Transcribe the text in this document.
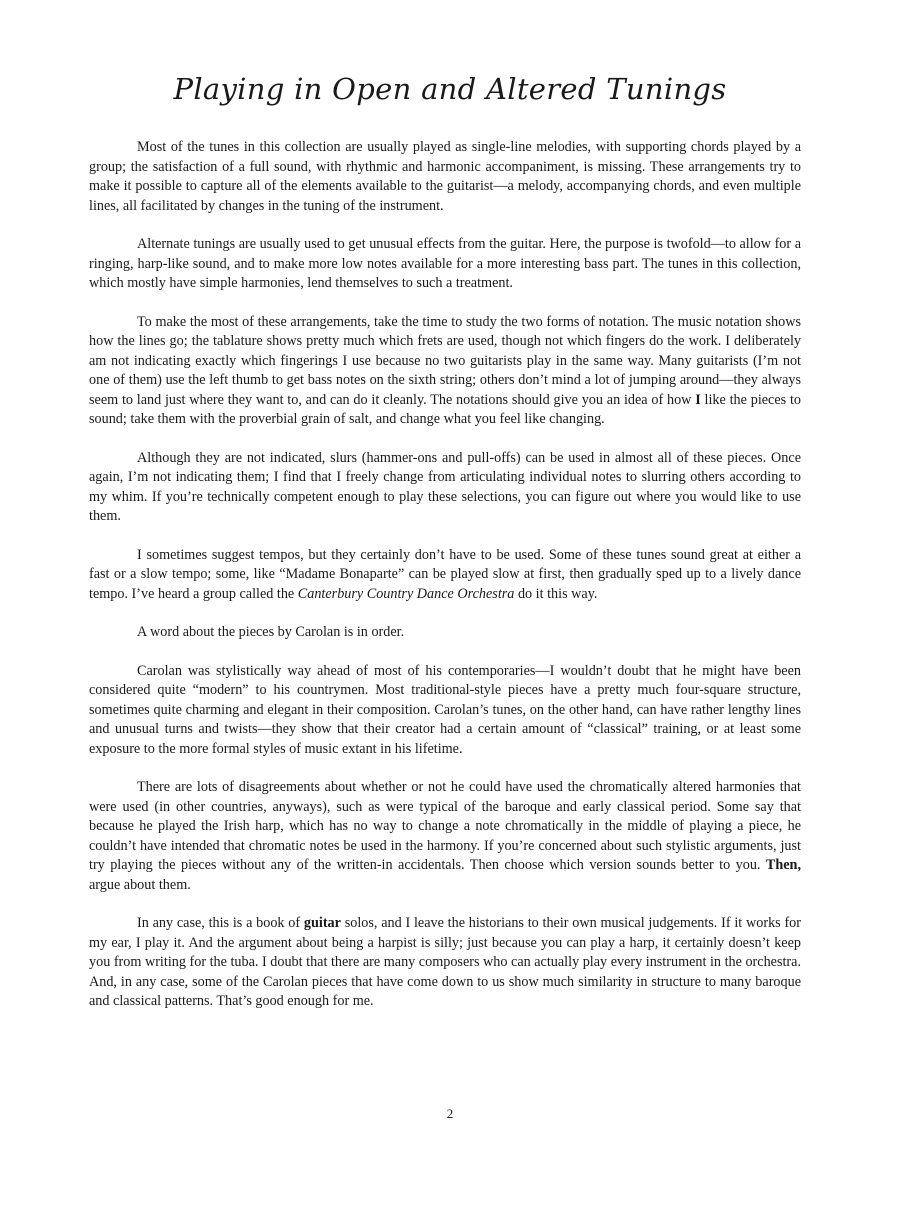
Playing in Open and Altered Tunings

Most of the tunes in this collection are usually played as single-line melodies, with supporting chords played by a group; the satisfaction of a full sound, with rhythmic and harmonic accompaniment, is missing. These arrangements try to make it possible to capture all of the elements available to the guitarist—a melody, accompanying chords, and even multiple lines, all facilitated by changes in the tuning of the instrument.

Alternate tunings are usually used to get unusual effects from the guitar. Here, the purpose is twofold—to allow for a ringing, harp-like sound, and to make more low notes available for a more interesting bass part. The tunes in this collection, which mostly have simple harmonies, lend themselves to such a treatment.

To make the most of these arrangements, take the time to study the two forms of notation. The music notation shows how the lines go; the tablature shows pretty much which frets are used, though not which fingers do the work. I deliberately am not indicating exactly which fingerings I use because no two guitarists play in the same way. Many guitarists (I’m not one of them) use the left thumb to get bass notes on the sixth string; others don’t mind a lot of jumping around—they always seem to land just where they want to, and can do it cleanly. The notations should give you an idea of how I like the pieces to sound; take them with the proverbial grain of salt, and change what you feel like changing.

Although they are not indicated, slurs (hammer-ons and pull-offs) can be used in almost all of these pieces. Once again, I’m not indicating them; I find that I freely change from articulating individual notes to slurring others according to my whim. If you’re technically competent enough to play these selections, you can figure out where you would like to use them.

I sometimes suggest tempos, but they certainly don’t have to be used. Some of these tunes sound great at either a fast or a slow tempo; some, like “Madame Bonaparte” can be played slow at first, then gradually sped up to a lively dance tempo. I’ve heard a group called the Canterbury Country Dance Orchestra do it this way.

A word about the pieces by Carolan is in order.

Carolan was stylistically way ahead of most of his contemporaries—I wouldn’t doubt that he might have been considered quite “modern” to his countrymen. Most traditional-style pieces have a pretty much four-square structure, sometimes quite charming and elegant in their composition. Carolan’s tunes, on the other hand, can have rather lengthy lines and unusual turns and twists—they show that their creator had a certain amount of “classical” training, or at least some exposure to the more formal styles of music extant in his lifetime.

There are lots of disagreements about whether or not he could have used the chromatically altered harmonies that were used (in other countries, anyways), such as were typical of the baroque and early classical period. Some say that because he played the Irish harp, which has no way to change a note chromatically in the middle of playing a piece, he couldn’t have intended that chromatic notes be used in the harmony. If you’re concerned about such stylistic arguments, just try playing the pieces without any of the written-in accidentals. Then choose which version sounds better to you. Then, argue about them.

In any case, this is a book of guitar solos, and I leave the historians to their own musical judgements. If it works for my ear, I play it. And the argument about being a harpist is silly; just because you can play a harp, it certainly doesn’t keep you from writing for the tuba. I doubt that there are many composers who can actually play every instrument in the orchestra. And, in any case, some of the Carolan pieces that have come down to us show much similarity in structure to many baroque and classical patterns. That’s good enough for me.

2
